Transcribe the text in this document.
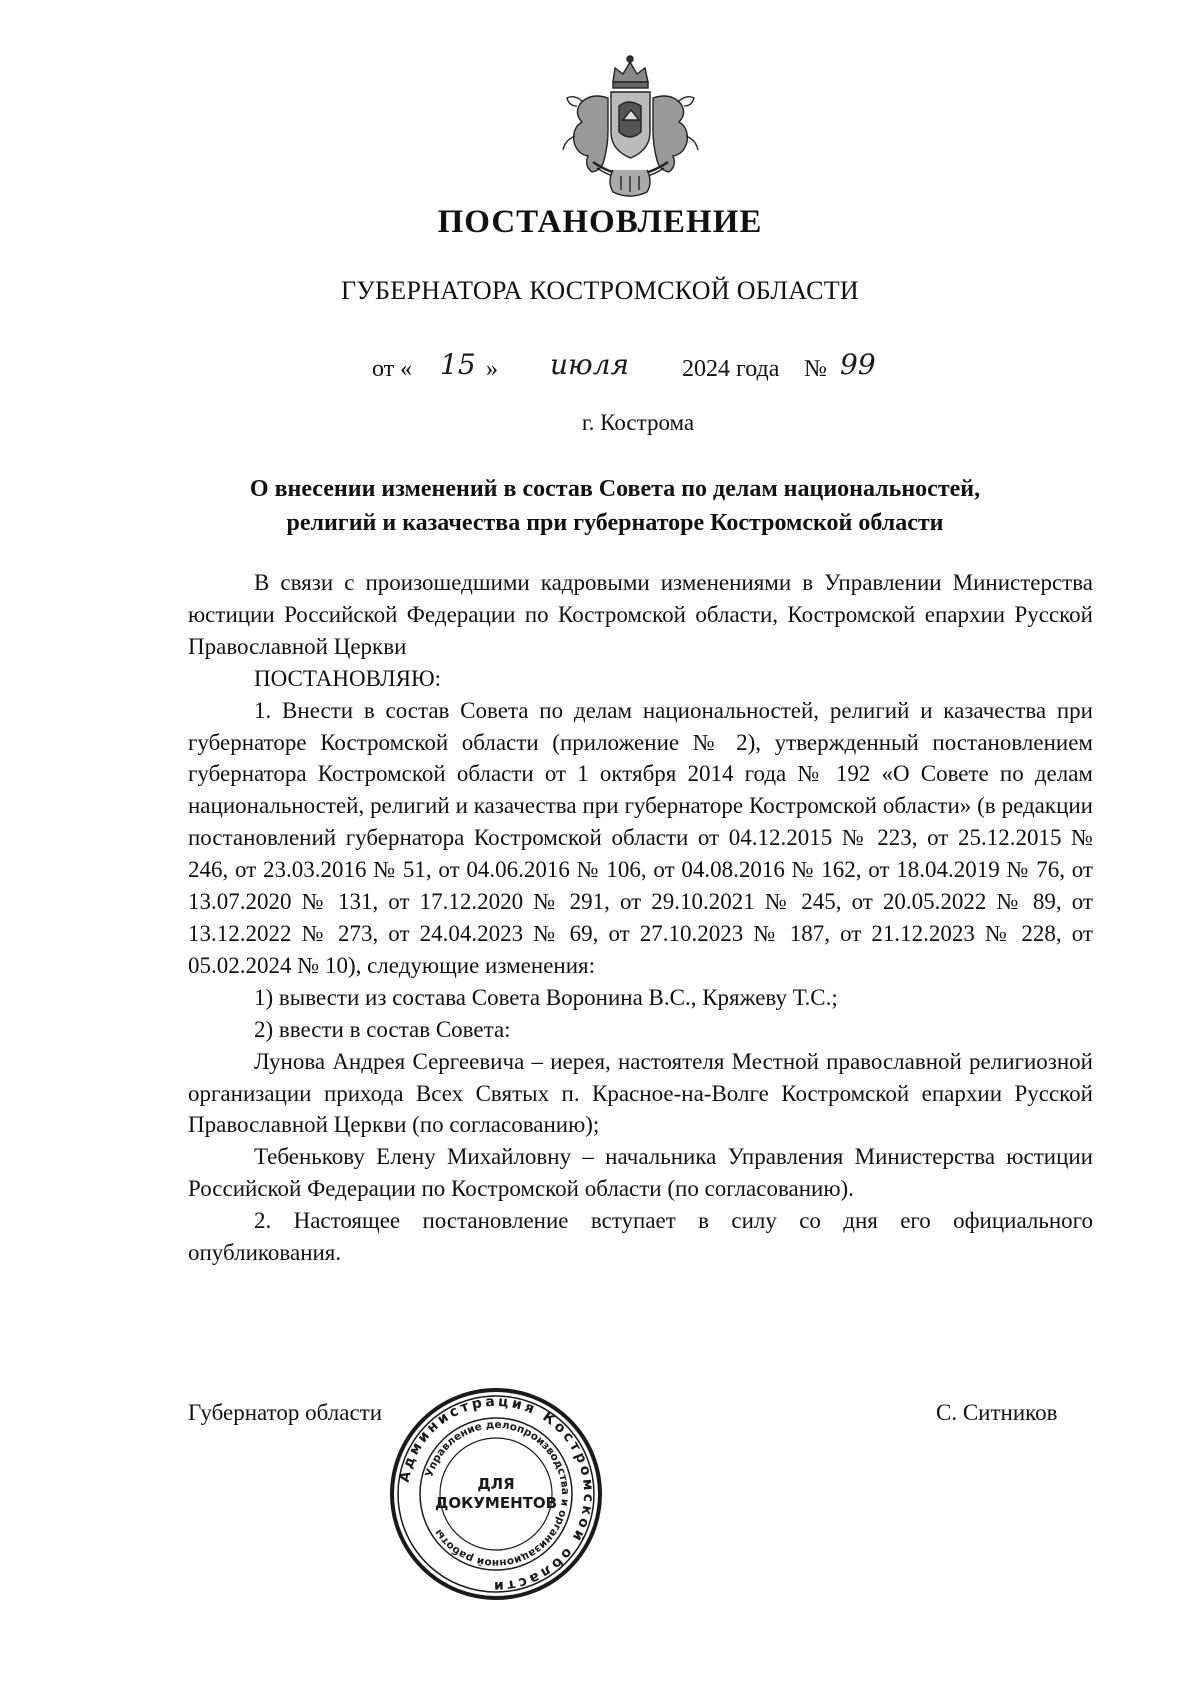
ПОСТАНОВЛЕНИЕ
ГУБЕРНАТОРА КОСТРОМСКОЙ ОБЛАСТИ
от « 15 » июля 2024 года № 99
г. Кострома
О внесении изменений в состав Совета по делам национальностей,
религий и казачества при губернаторе Костромской области

В связи с произошедшими кадровыми изменениями в Управлении Министерства юстиции Российской Федерации по Костромской области, Костромской епархии Русской Православной Церкви

ПОСТАНОВЛЯЮ:

1. Внести в состав Совета по делам национальностей, религий и казачества при губернаторе Костромской области (приложение № 2), утвержденный постановлением губернатора Костромской области от 1 октября 2014 года № 192 «О Совете по делам национальностей, религий и казачества при губернаторе Костромской области» (в редакции постановлений губернатора Костромской области от 04.12.2015 № 223, от 25.12.2015 № 246, от 23.03.2016 № 51, от 04.06.2016 № 106, от 04.08.2016 № 162, от 18.04.2019 № 76, от 13.07.2020 № 131, от 17.12.2020 № 291, от 29.10.2021 № 245, от 20.05.2022 № 89, от 13.12.2022 № 273, от 24.04.2023 № 69, от 27.10.2023 № 187, от 21.12.2023 № 228, от 05.02.2024 № 10), следующие изменения:

1) вывести из состава Совета Воронина В.С., Кряжеву Т.С.;

2) ввести в состав Совета:

Лунова Андрея Сергеевича – иерея, настоятеля Местной православной религиозной организации прихода Всех Святых п. Красное-на-Волге Костромской епархии Русской Православной Церкви (по согласованию);

Тебенькову Елену Михайловну – начальника Управления Министерства юстиции Российской Федерации по Костромской области (по согласованию).

2. Настоящее постановление вступает в силу со дня его официального опубликования.

Губернатор области	С. Ситников
Администрация Костромской области
Управление делопроизводства и организационной работы
ДЛЯ
ДОКУМЕНТОВ
